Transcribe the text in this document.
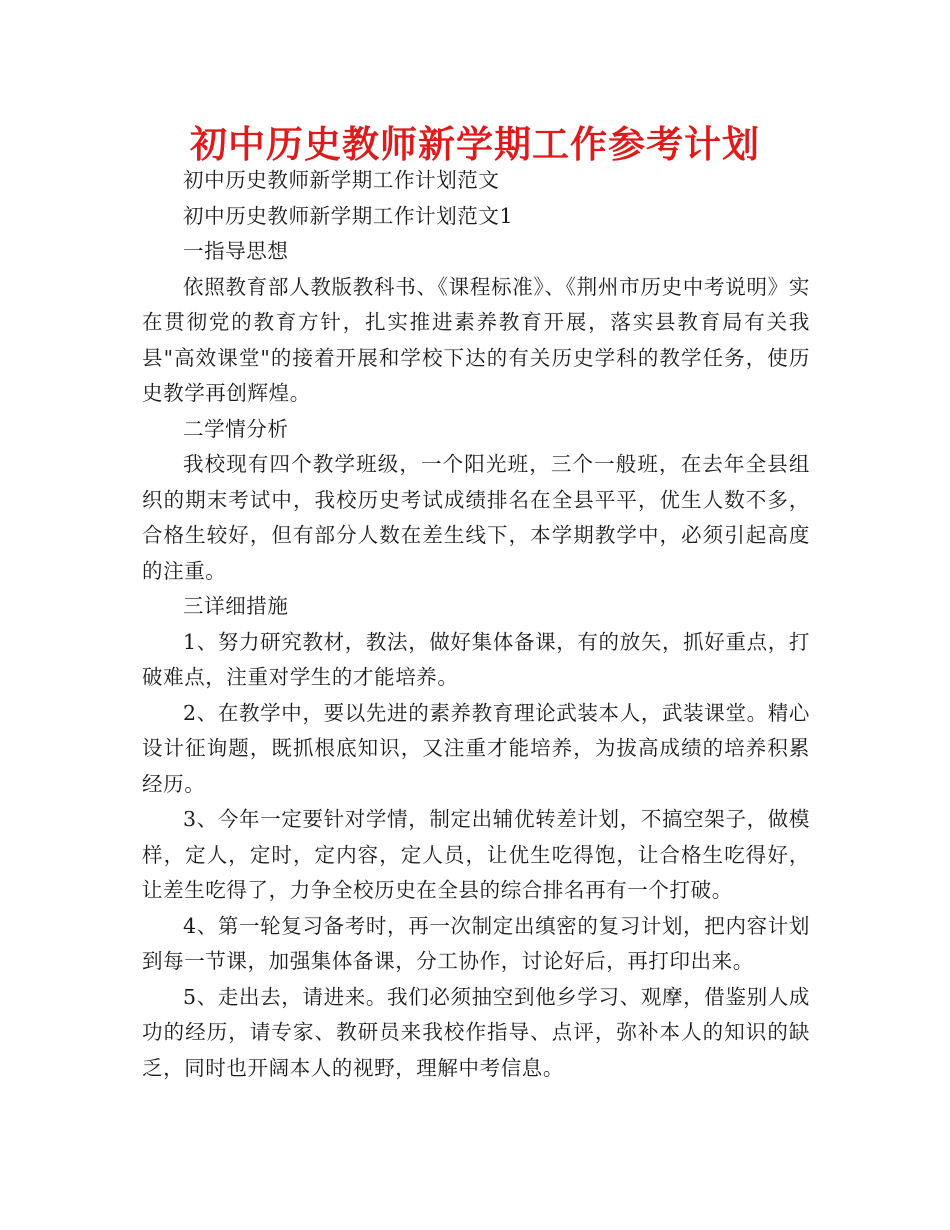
初中历史教师新学期工作参考计划

初中历史教师新学期工作计划范文

初中历史教师新学期工作计划范文1

一指导思想

依照教育部人教版教科书、《课程标准》、《荆州市历史中考说明》实在贯彻党的教育方针，扎实推进素养教育开展，落实县教育局有关我县"高效课堂"的接着开展和学校下达的有关历史学科的教学任务，使历史教学再创辉煌。

二学情分析

我校现有四个教学班级，一个阳光班，三个一般班，在去年全县组织的期末考试中，我校历史考试成绩排名在全县平平，优生人数不多，合格生较好，但有部分人数在差生线下，本学期教学中，必须引起高度的注重。

三详细措施

1、努力研究教材，教法，做好集体备课，有的放矢，抓好重点，打破难点，注重对学生的才能培养。

2、在教学中，要以先进的素养教育理论武装本人，武装课堂。精心设计征询题，既抓根底知识，又注重才能培养，为拔高成绩的培养积累经历。

3、今年一定要针对学情，制定出辅优转差计划，不搞空架子，做模样，定人，定时，定内容，定人员，让优生吃得饱，让合格生吃得好，让差生吃得了，力争全校历史在全县的综合排名再有一个打破。

4、第一轮复习备考时，再一次制定出缜密的复习计划，把内容计划到每一节课，加强集体备课，分工协作，讨论好后，再打印出来。

5、走出去，请进来。我们必须抽空到他乡学习、观摩，借鉴别人成功的经历，请专家、教研员来我校作指导、点评，弥补本人的知识的缺乏，同时也开阔本人的视野，理解中考信息。
